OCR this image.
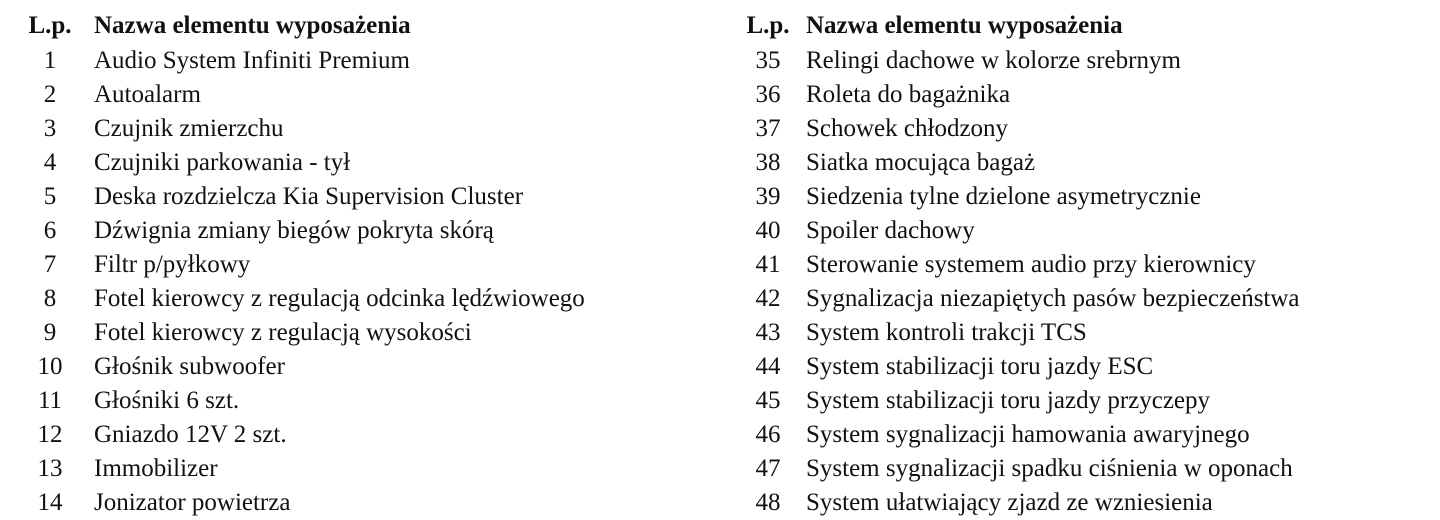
L.p. Nazwa elementu wyposażenia
1	Audio System Infiniti Premium
2	Autoalarm
3	Czujnik zmierzchu
4	Czujniki parkowania - tył
5	Deska rozdzielcza Kia Supervision Cluster
6	Dźwignia zmiany biegów pokryta skórą
7	Filtr p/pyłkowy
8	Fotel kierowcy z regulacją odcinka lędźwiowego
9	Fotel kierowcy z regulacją wysokości
10	Głośnik subwoofer
11	Głośniki 6 szt.
12	Gniazdo 12V 2 szt.
13	Immobilizer
14	Jonizator powietrza
L.p. Nazwa elementu wyposażenia
35	Relingi dachowe w kolorze srebrnym
36	Roleta do bagażnika
37	Schowek chłodzony
38	Siatka mocująca bagaż
39	Siedzenia tylne dzielone asymetrycznie
40	Spoiler dachowy
41	Sterowanie systemem audio przy kierownicy
42	Sygnalizacja niezapiętych pasów bezpieczeństwa
43	System kontroli trakcji TCS
44	System stabilizacji toru jazdy ESC
45	System stabilizacji toru jazdy przyczepy
46	System sygnalizacji hamowania awaryjnego
47	System sygnalizacji spadku ciśnienia w oponach
48	System ułatwiający zjazd ze wzniesienia
